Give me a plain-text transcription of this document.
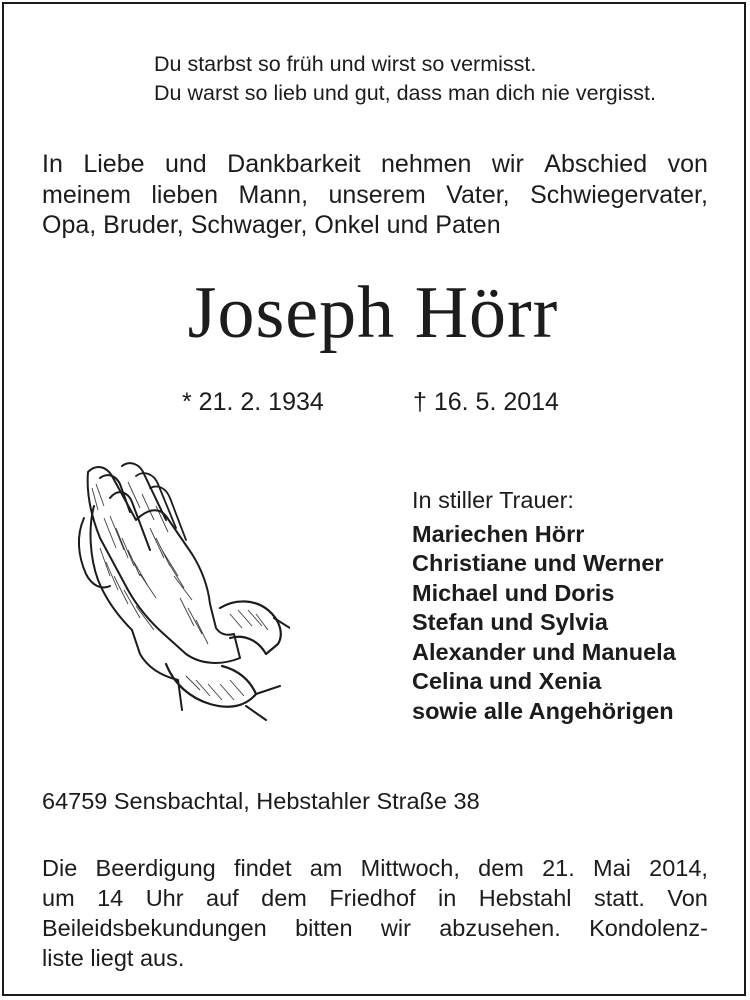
Du starbst so früh und wirst so vermisst.
Du warst so lieb und gut, dass man dich nie vergisst.
In Liebe und Dankbarkeit nehmen wir Abschied von
meinem lieben Mann, unserem Vater, Schwiegervater,
Opa, Bruder, Schwager, Onkel und Paten
Joseph Hörr
* 21. 2. 1934	† 16. 5. 2014
In stiller Trauer:
Mariechen Hörr
Christiane und Werner
Michael und Doris
Stefan und Sylvia
Alexander und Manuela
Celina und Xenia
sowie alle Angehörigen
64759 Sensbachtal, Hebstahler Straße 38
Die Beerdigung findet am Mittwoch, dem 21. Mai 2014,
um 14 Uhr auf dem Friedhof in Hebstahl statt. Von
Beileidsbekundungen bitten wir abzusehen. Kondolenz-
liste liegt aus.
